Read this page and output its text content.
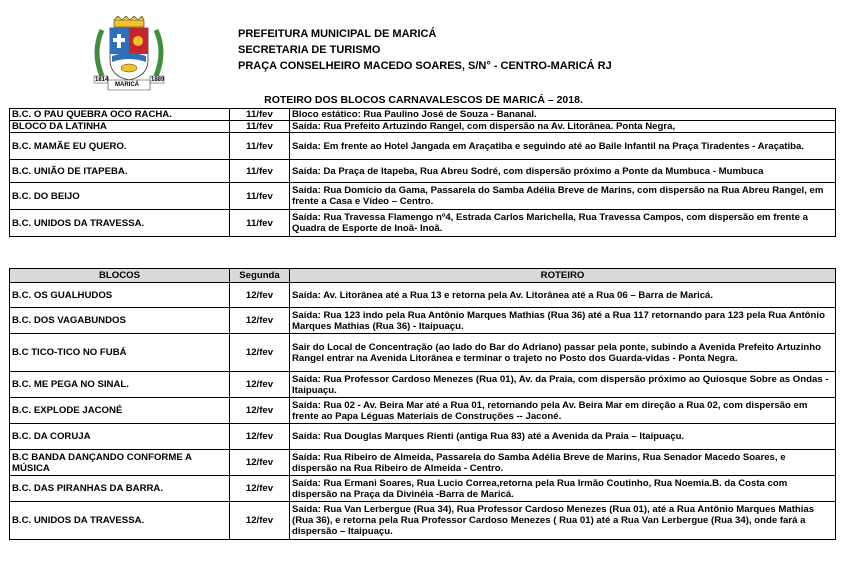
1814	1889
MARICÁ
PREFEITURA MUNICIPAL DE MARICÁ
SECRETARIA DE TURISMO
PRAÇA CONSELHEIRO MACEDO SOARES, S/N° - CENTRO-MARICÁ RJ
ROTEIRO DOS BLOCOS CARNAVALESCOS DE MARICÁ – 2018.
B.C. O PAU QUEBRA OCO RACHA.	11/fev	Bloco estático: Rua Paulino José de Souza - Bananal.
BLOCO DA LATINHA	11/fev	Saída: Rua Prefeito Artuzindo Rangel, com dispersão na Av. Litorânea. Ponta Negra,
B.C. MAMÃE EU QUERO.	11/fev	Saída: Em frente ao Hotel Jangada em Araçatiba e seguindo até ao Baile Infantil na Praça Tiradentes - Araçatiba.
B.C. UNIÃO DE ITAPEBA.	11/fev	Saída: Da Praça de Itapeba, Rua Abreu Sodré, com dispersão próximo a Ponte da Mumbuca - Mumbuca
B.C. DO BEIJO	11/fev	Saída: Rua Domício da Gama, Passarela do Samba Adélia Breve de Marins, com dispersão na Rua Abreu Rangel, em frente a Casa e Vídeo – Centro.
B.C. UNIDOS DA TRAVESSA.	11/fev	Saída: Rua Travessa Flamengo nº4, Estrada Carlos Marichella, Rua Travessa Campos, com dispersão em frente a Quadra de Esporte de Inoã- Inoã.
BLOCOS	Segunda	ROTEIRO
B.C. OS GUALHUDOS	12/fev	Saída: Av. Litorânea até a Rua 13 e retorna pela Av. Litorânea até a Rua 06 – Barra de Maricá.
B.C. DOS VAGABUNDOS	12/fev	Saída: Rua 123 indo pela Rua Antônio Marques Mathias (Rua 36) até a Rua 117 retornando para 123 pela Rua Antônio Marques Mathias (Rua 36) - Itaipuaçu.
B.C TICO-TICO NO FUBÁ	12/fev	Sair do Local de Concentração (ao lado do Bar do Adriano) passar pela ponte, subindo a Avenida Prefeito Artuzinho Rangel entrar na Avenida Litorânea e terminar o trajeto no Posto dos Guarda-vidas - Ponta Negra.
B.C. ME PEGA NO SINAL.	12/fev	Saída: Rua Professor Cardoso Menezes (Rua 01), Av. da Praia, com dispersão próximo ao Quiosque Sobre as Ondas - Itaipuaçu.
B.C. EXPLODE JACONÉ	12/fev	Saída: Rua 02 - Av. Beira Mar até a Rua 01, retornando pela Av. Beira Mar em direção a Rua 02, com dispersão em frente ao Papa Léguas Materiais de Construções -- Jaconé.
B.C. DA CORUJA	12/fev	Saída: Rua Douglas Marques Rienti (antiga Rua 83) até a Avenida da Praia – Itaipuaçu.
B.C BANDA DANÇANDO CONFORME A MÚSICA	12/fev	Saída: Rua Ribeiro de Almeida, Passarela do Samba Adélia Breve de Marins, Rua Senador Macedo Soares, e dispersão na Rua Ribeiro de Almeida - Centro.
B.C. DAS PIRANHAS DA BARRA.	12/fev	Saída: Rua Ermani Soares, Rua Lucio Correa,retorna pela Rua Irmão Coutinho, Rua Noemia.B. da Costa com dispersão na Praça da Divinéia -Barra de Maricá.
B.C. UNIDOS DA TRAVESSA.	12/fev	Saída: Rua Van Lerbergue (Rua 34), Rua Professor Cardoso Menezes (Rua 01), até a Rua Antônio Marques Mathias (Rua 36), e retorna pela Rua Professor Cardoso Menezes ( Rua 01) até a Rua Van Lerbergue (Rua 34), onde fará a dispersão – Itaipuaçu.
